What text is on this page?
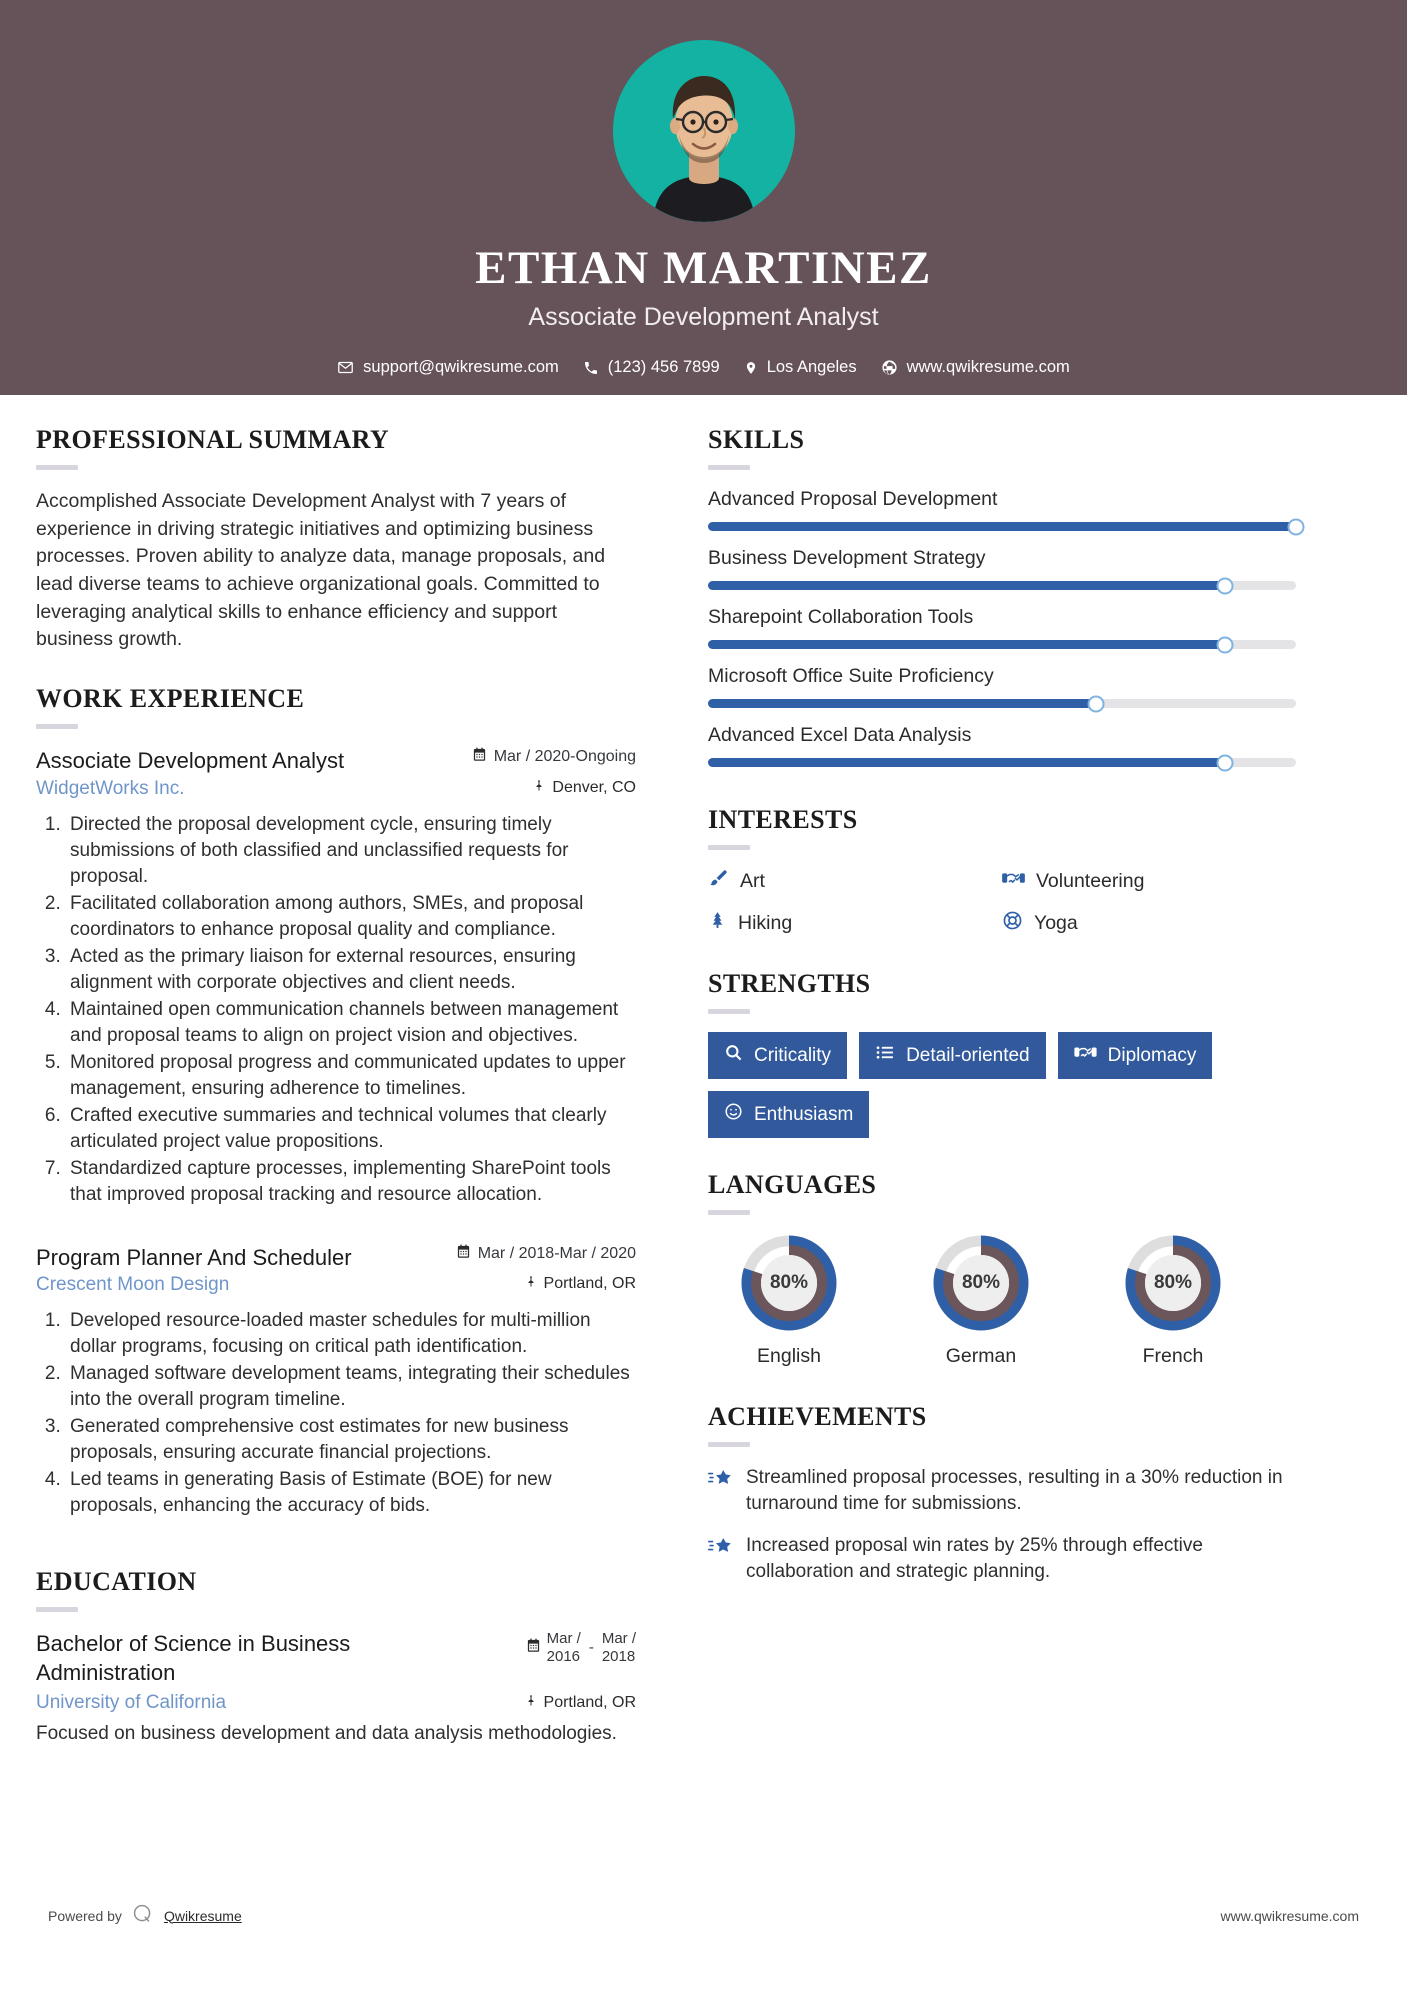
ETHAN MARTINEZ
Associate Development Analyst
support@qwikresume.com	(123) 456 7899	Los Angeles	www.qwikresume.com
PROFESSIONAL SUMMARY
Accomplished Associate Development Analyst with 7 years of experience in driving strategic initiatives and optimizing business processes. Proven ability to analyze data, manage proposals, and lead diverse teams to achieve organizational goals. Committed to leveraging analytical skills to enhance efficiency and support business growth.
WORK EXPERIENCE
Associate Development Analyst	Mar / 2020-Ongoing
WidgetWorks Inc.	Denver, CO
1. Directed the proposal development cycle, ensuring timely submissions of both classified and unclassified requests for proposal.
2. Facilitated collaboration among authors, SMEs, and proposal coordinators to enhance proposal quality and compliance.
3. Acted as the primary liaison for external resources, ensuring alignment with corporate objectives and client needs.
4. Maintained open communication channels between management and proposal teams to align on project vision and objectives.
5. Monitored proposal progress and communicated updates to upper management, ensuring adherence to timelines.
6. Crafted executive summaries and technical volumes that clearly articulated project value propositions.
7. Standardized capture processes, implementing SharePoint tools that improved proposal tracking and resource allocation.
Program Planner And Scheduler	Mar / 2018-Mar / 2020
Crescent Moon Design	Portland, OR
1. Developed resource-loaded master schedules for multi-million dollar programs, focusing on critical path identification.
2. Managed software development teams, integrating their schedules into the overall program timeline.
3. Generated comprehensive cost estimates for new business proposals, ensuring accurate financial projections.
4. Led teams in generating Basis of Estimate (BOE) for new proposals, enhancing the accuracy of bids.
EDUCATION
Bachelor of Science in Business Administration
Mar /
2016
-
Mar /
2018
University of California	Portland, OR
Focused on business development and data analysis methodologies.
SKILLS
Advanced Proposal Development
Business Development Strategy
Sharepoint Collaboration Tools
Microsoft Office Suite Proficiency
Advanced Excel Data Analysis
INTERESTS
Art	Volunteering
Hiking	Yoga
STRENGTHS
Criticality	Detail-oriented	Diplomacy
Enthusiasm
LANGUAGES
80%
English
80%
German
80%
French
ACHIEVEMENTS
Streamlined proposal processes, resulting in a 30% reduction in turnaround time for submissions.
Increased proposal win rates by 25% through effective collaboration and strategic planning.
Powered by	Qwikresume	www.qwikresume.com
